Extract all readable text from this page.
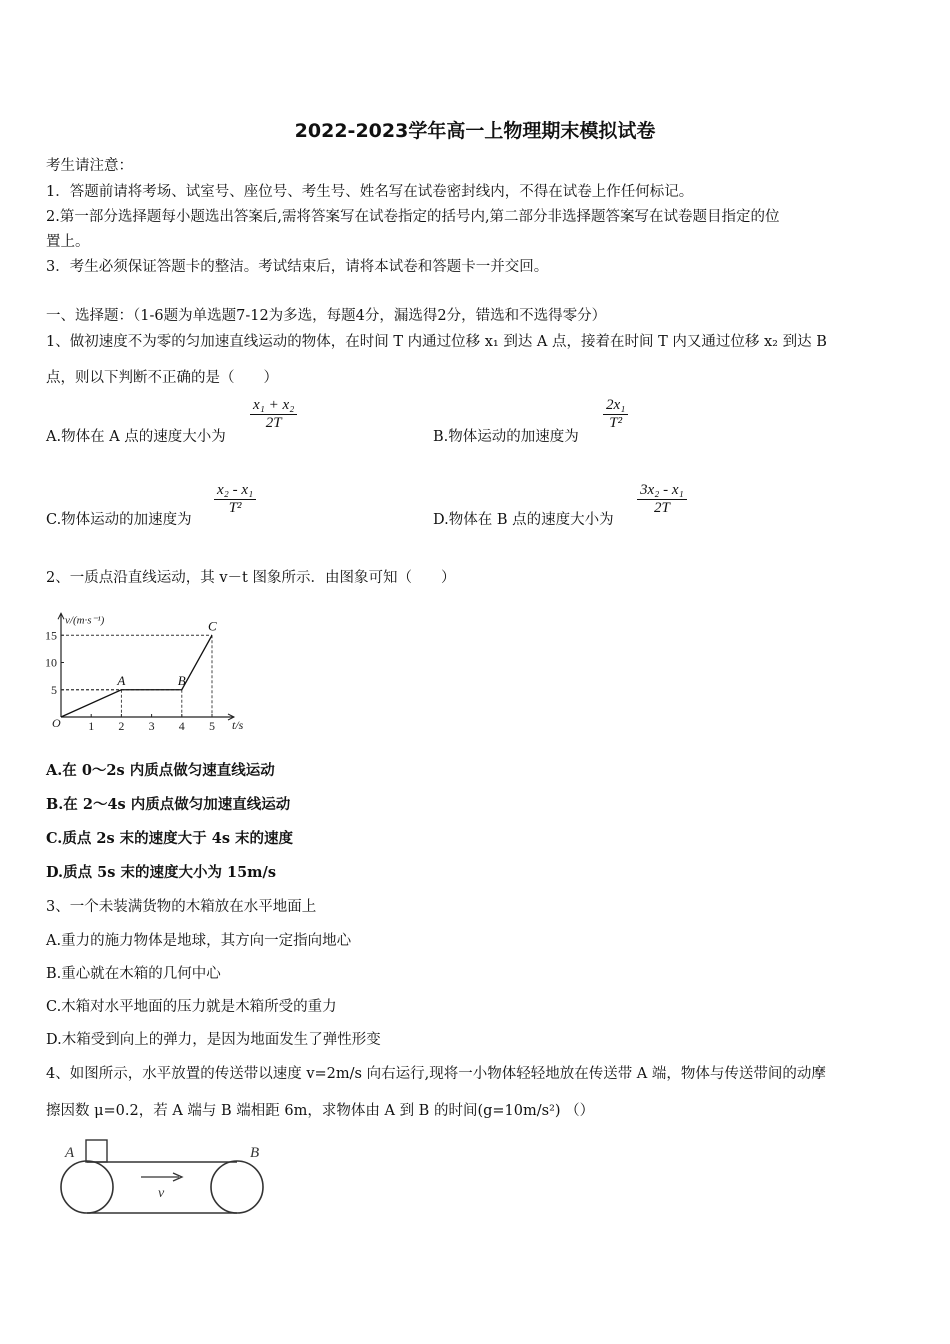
2022-2023学年高一上物理期末模拟试卷
考生请注意：
1．答题前请将考场、试室号、座位号、考生号、姓名写在试卷密封线内，不得在试卷上作任何标记。
2.第一部分选择题每小题选出答案后,需将答案写在试卷指定的括号内,第二部分非选择题答案写在试卷题目指定的位
置上。
3．考生必须保证答题卡的整洁。考试结束后，请将本试卷和答题卡一并交回。
一、选择题：（1-6题为单选题7-12为多选，每题4分，漏选得2分，错选和不选得零分）
1、做初速度不为零的匀加速直线运动的物体，在时间 T 内通过位移 x₁ 到达 A 点，接着在时间 T 内又通过位移 x₂ 到达 B
点，则以下判断不正确的是（　　）
A.物体在 A 点的速度大小为
$\frac{\text{x₁ + x₂}}{2T}$
B.物体运动的加速度为
$\frac{\text{2x₁}}{\text{T²}}$
C.物体运动的加速度为
$\frac{\text{x₂ - x₁}}{\text{T²}}$
D.物体在 B 点的速度大小为
$\frac{\text{3x₂ - x₁}}{2T}$
2、一质点沿直线运动，其 v－t 图象所示．由图象可知（　　）
v/(m·s⁻¹)
t/s
O 1 2 3 4 5
5
10
15
A	B
C
A.在 0～2s 内质点做匀速直线运动
B.在 2～4s 内质点做匀加速直线运动
C.质点 2s 末的速度大于 4s 末的速度
D.质点 5s 末的速度大小为 15m/s
3、一个未装满货物的木箱放在水平地面上
A.重力的施力物体是地球，其方向一定指向地心
B.重心就在木箱的几何中心
C.木箱对水平地面的压力就是木箱所受的重力
D.木箱受到向上的弹力，是因为地面发生了弹性形变
4、如图所示，水平放置的传送带以速度 v=2m/s 向右运行,现将一小物体轻轻地放在传送带 A 端，物体与传送带间的动摩
擦因数 μ=0.2，若 A 端与 B 端相距 6m，求物体由 A 到 B 的时间(g=10m/s²) （）
A	B
v
